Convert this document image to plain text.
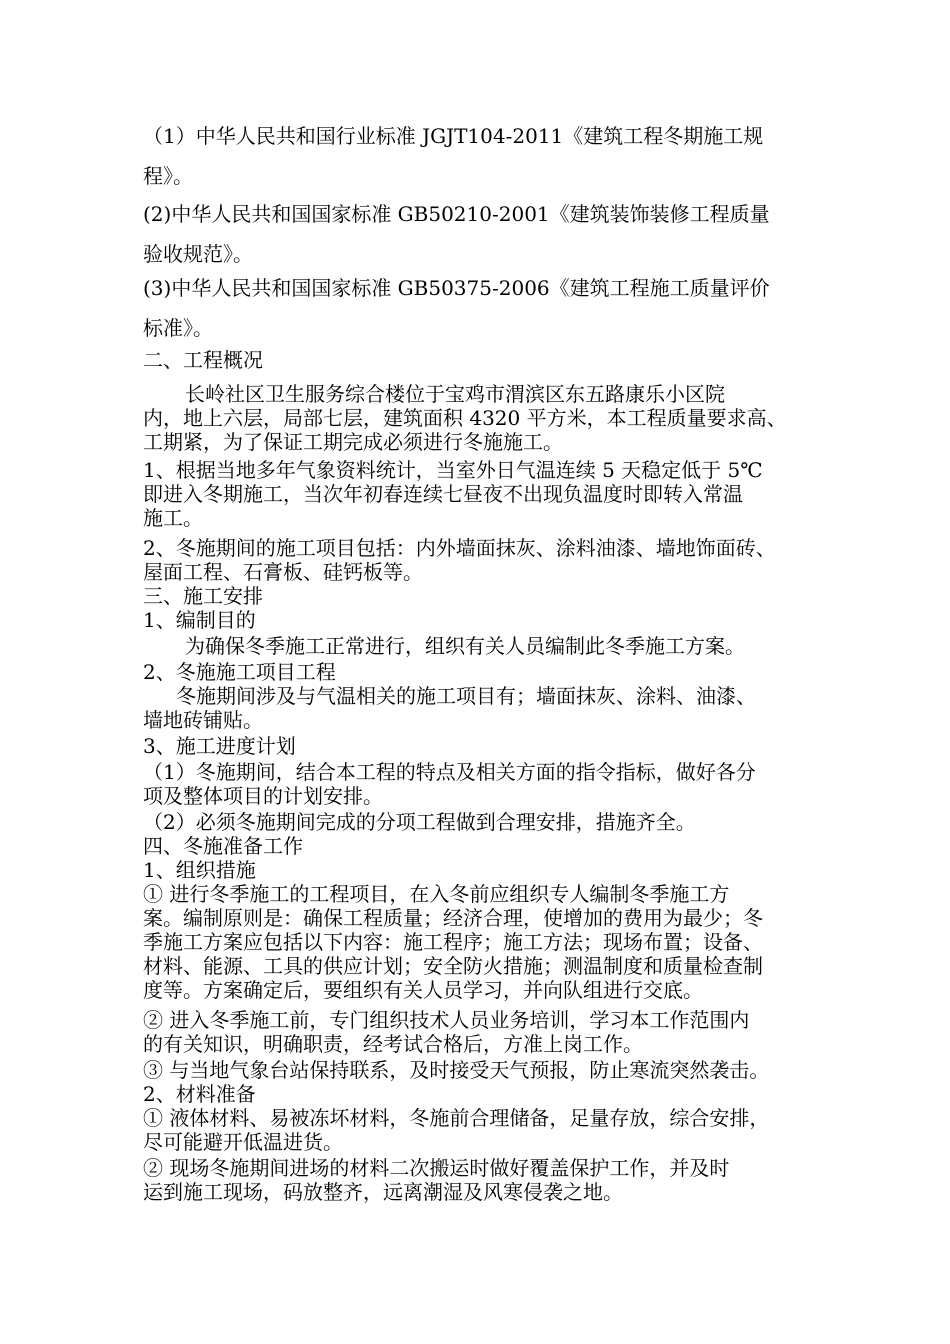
（1）中华人民共和国行业标准 JGJT104-2011《建筑工程冬期施工规
程》。
(2)中华人民共和国国家标准 GB50210-2001《建筑装饰装修工程质量
验收规范》。
(3)中华人民共和国国家标准 GB50375-2006《建筑工程施工质量评价
标准》。
二、工程概况
长岭社区卫生服务综合楼位于宝鸡市渭滨区东五路康乐小区院
内，地上六层，局部七层，建筑面积 4320 平方米，本工程质量要求高、
工期紧，为了保证工期完成必须进行冬施施工。
1、根据当地多年气象资料统计，当室外日气温连续 5 天稳定低于 5℃
即进入冬期施工，当次年初春连续七昼夜不出现负温度时即转入常温
施工。
2、冬施期间的施工项目包括：内外墙面抹灰、涂料油漆、墙地饰面砖、
屋面工程、石膏板、硅钙板等。
三、施工安排
1、编制目的
为确保冬季施工正常进行，组织有关人员编制此冬季施工方案。
2、冬施施工项目工程
冬施期间涉及与气温相关的施工项目有；墙面抹灰、涂料、油漆、
墙地砖铺贴。
3、施工进度计划
（1）冬施期间，结合本工程的特点及相关方面的指令指标，做好各分
项及整体项目的计划安排。
（2）必须冬施期间完成的分项工程做到合理安排，措施齐全。
四、冬施准备工作
1、组织措施
① 进行冬季施工的工程项目，在入冬前应组织专人编制冬季施工方
案。编制原则是：确保工程质量；经济合理，使增加的费用为最少；冬
季施工方案应包括以下内容：施工程序；施工方法；现场布置；设备、
材料、能源、工具的供应计划；安全防火措施；测温制度和质量检查制
度等。方案确定后，要组织有关人员学习，并向队组进行交底。
② 进入冬季施工前，专门组织技术人员业务培训，学习本工作范围内
的有关知识，明确职责，经考试合格后，方准上岗工作。
③ 与当地气象台站保持联系，及时接受天气预报，防止寒流突然袭击。
2、材料准备
① 液体材料、易被冻坏材料，冬施前合理储备，足量存放，综合安排，
尽可能避开低温进货。
② 现场冬施期间进场的材料二次搬运时做好覆盖保护工作，并及时
运到施工现场，码放整齐，远离潮湿及风寒侵袭之地。
